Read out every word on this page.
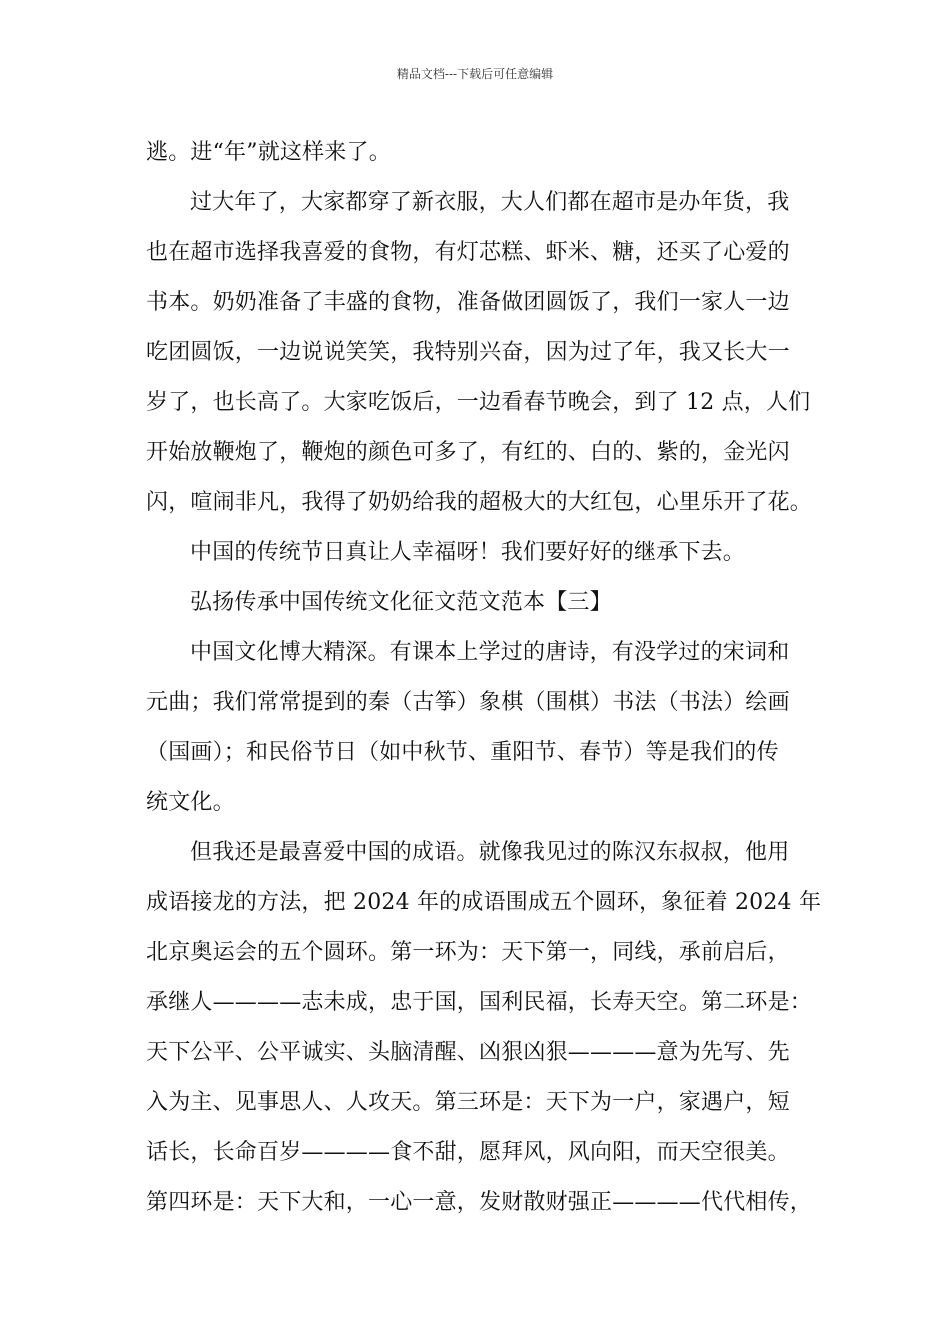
精品文档---下载后可任意编辑
逃。进“年”就这样来了。
过大年了，大家都穿了新衣服，大人们都在超市是办年货，我
也在超市选择我喜爱的食物，有灯芯糕、虾米、糖，还买了心爱的
书本。奶奶准备了丰盛的食物，准备做团圆饭了，我们一家人一边
吃团圆饭，一边说说笑笑，我特别兴奋，因为过了年，我又长大一
岁了，也长高了。大家吃饭后，一边看春节晚会，到了 12 点，人们
开始放鞭炮了，鞭炮的颜色可多了，有红的、白的、紫的，金光闪
闪，喧闹非凡，我得了奶奶给我的超极大的大红包，心里乐开了花。
中国的传统节日真让人幸福呀！我们要好好的继承下去。
弘扬传承中国传统文化征文范文范本【三】
中国文化博大精深。有课本上学过的唐诗，有没学过的宋词和
元曲；我们常常提到的秦（古筝）象棋（围棋）书法（书法）绘画
（国画）；和民俗节日（如中秋节、重阳节、春节）等是我们的传
统文化。
但我还是最喜爱中国的成语。就像我见过的陈汉东叔叔，他用
成语接龙的方法，把 2024 年的成语围成五个圆环，象征着 2024 年
北京奥运会的五个圆环。第一环为：天下第一，同线，承前启后，
承继人————志未成，忠于国，国利民福，长寿天空。第二环是：
天下公平、公平诚实、头脑清醒、凶狠凶狠————意为先写、先
入为主、见事思人、人攻天。第三环是：天下为一户，家遇户，短
话长，长命百岁————食不甜，愿拜风，风向阳，而天空很美。
第四环是：天下大和，一心一意，发财散财强正————代代相传，
